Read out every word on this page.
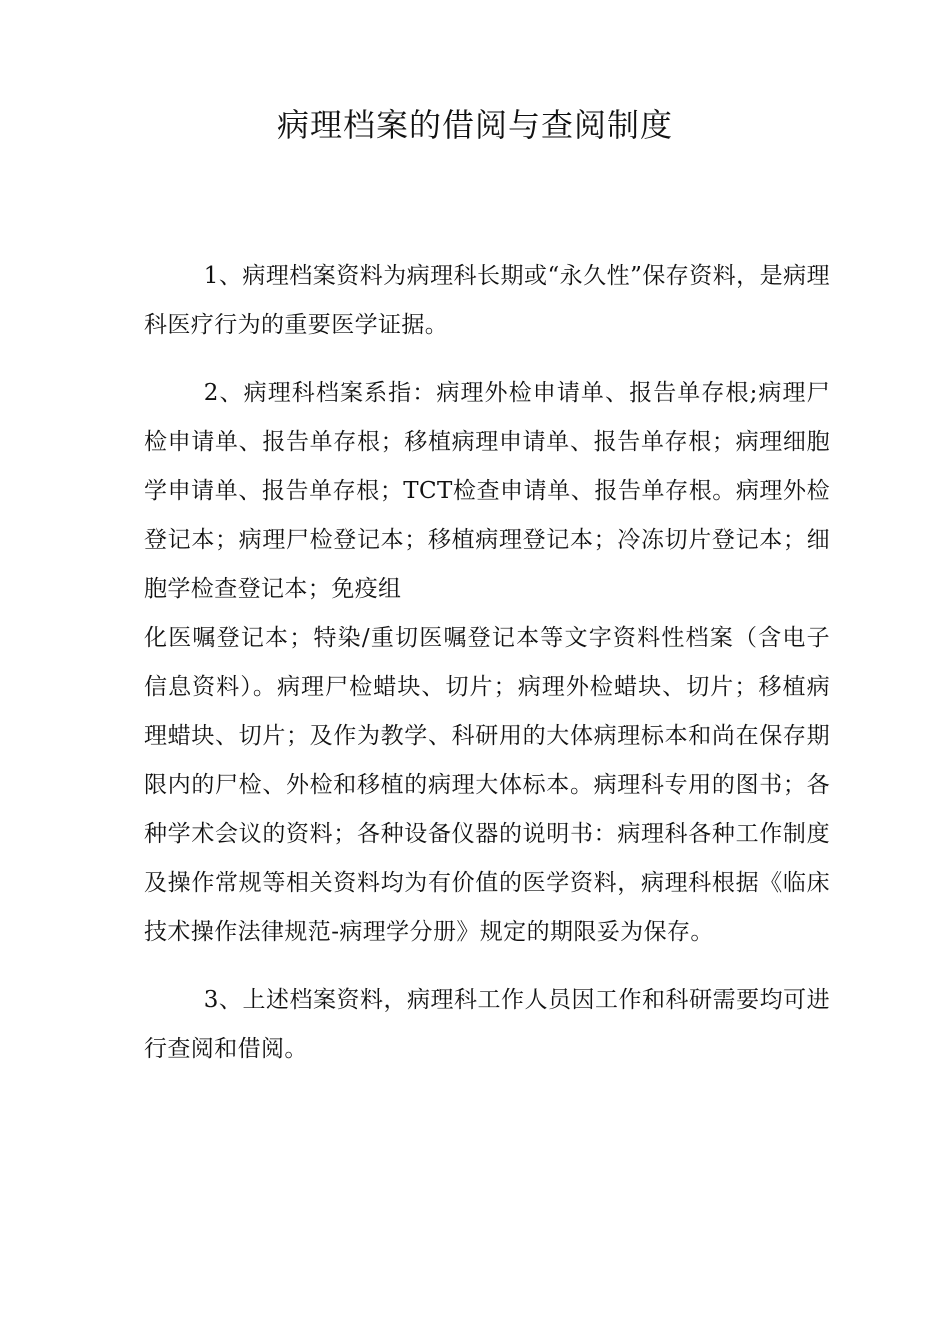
病理档案的借阅与查阅制度

1、病理档案资料为病理科长期或“永久性”保存资料，是病理科医疗行为的重要医学证据。

2、病理科档案系指：病理外检申请单、报告单存根;病理尸检申请单、报告单存根；移植病理申请单、报告单存根；病理细胞学申请单、报告单存根；TCT检查申请单、报告单存根。病理外检登记本；病理尸检登记本；移植病理登记本；冷冻切片登记本；细胞学检查登记本；免疫组
化医嘱登记本；特染/重切医嘱登记本等文字资料性档案（含电子信息资料）。病理尸检蜡块、切片；病理外检蜡块、切片；移植病理蜡块、切片；及作为教学、科研用的大体病理标本和尚在保存期限内的尸检、外检和移植的病理大体标本。病理科专用的图书；各种学术会议的资料；各种设备仪器的说明书：病理科各种工作制度及操作常规等相关资料均为有价值的医学资料，病理科根据《临床技术操作法律规范-病理学分册》规定的期限妥为保存。

3、上述档案资料，病理科工作人员因工作和科研需要均可进行查阅和借阅。
